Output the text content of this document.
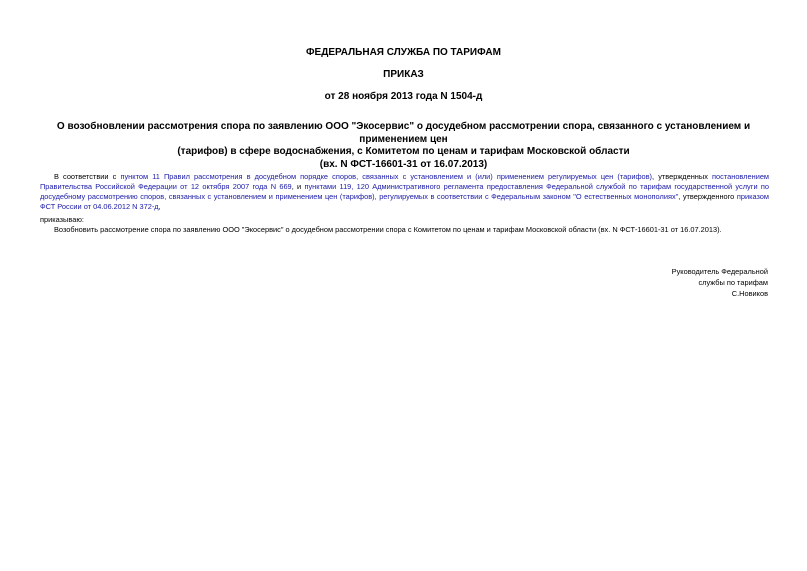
ФЕДЕРАЛЬНАЯ СЛУЖБА ПО ТАРИФАМ
ПРИКАЗ
от 28 ноября 2013 года N 1504-д
О возобновлении рассмотрения спора по заявлению ООО "Экосервис" о досудебном рассмотрении спора, связанного с установлением и применением цен
(тарифов) в сфере водоснабжения, с Комитетом по ценам и тарифам Московской области
(вх. N ФСТ-16601-31 от 16.07.2013)
В соответствии с пунктом 11 Правил рассмотрения в досудебном порядке споров, связанных с установлением и (или) применением регулируемых цен (тарифов), утвержденных постановлением Правительства Российской Федерации от 12 октября 2007 года N 669, и пунктами 119, 120 Административного регламента предоставления Федеральной службой по тарифам государственной услуги по досудебному рассмотрению споров, связанных с установлением и применением цен (тарифов), регулируемых в соответствии с Федеральным законом "О естественных монополиях", утвержденного приказом ФСТ России от 04.06.2012 N 372-д,
приказываю:
Возобновить рассмотрение спора по заявлению ООО "Экосервис" о досудебном рассмотрении спора с Комитетом по ценам и тарифам Московской области (вх. N ФСТ-16601-31 от 16.07.2013).
Руководитель Федеральной
службы по тарифам
С.Новиков
